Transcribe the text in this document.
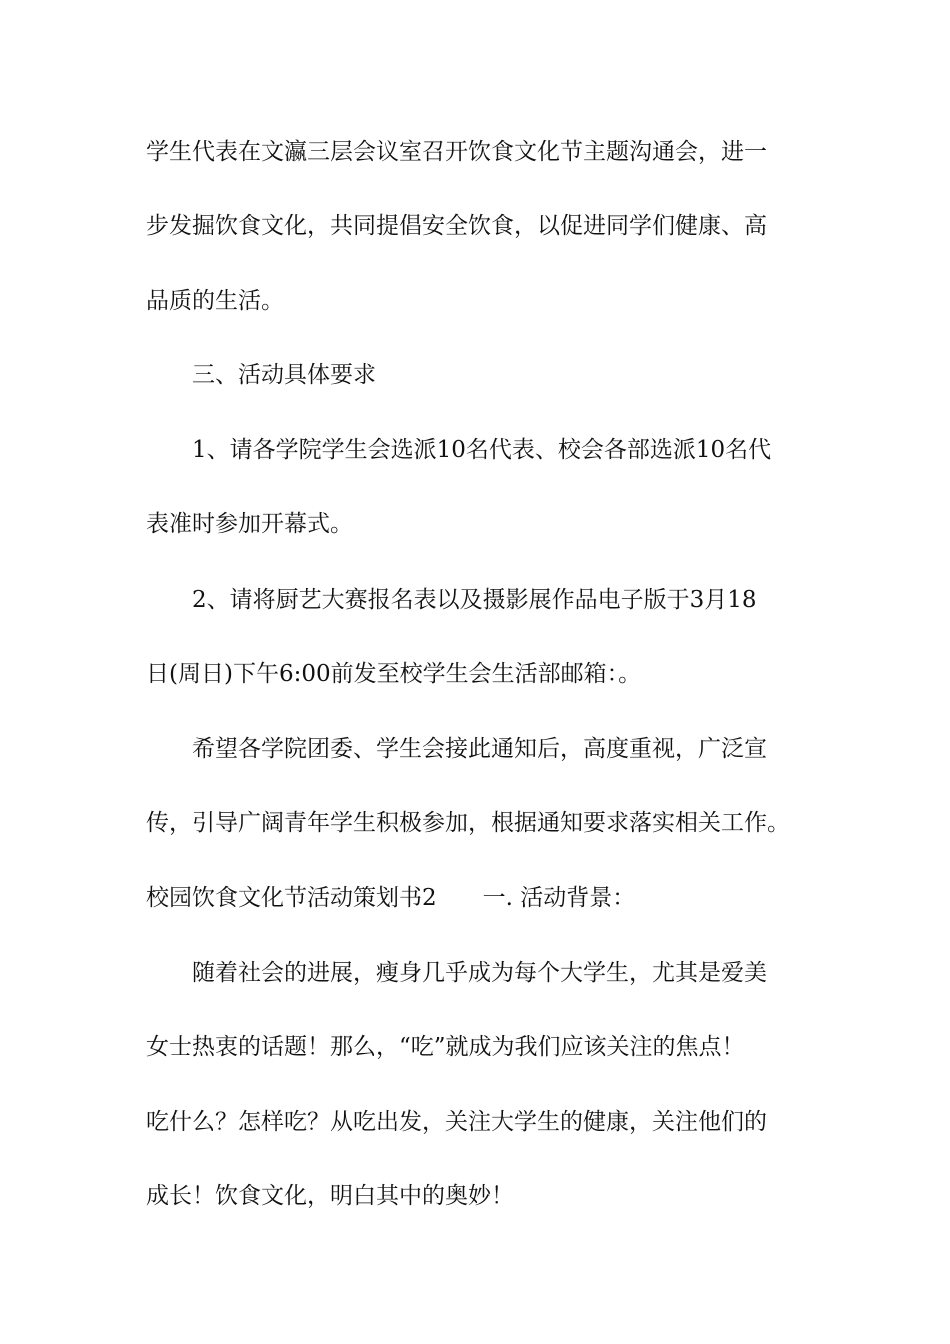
学生代表在文瀛三层会议室召开饮食文化节主题沟通会，进一
步发掘饮食文化，共同提倡安全饮食，以促进同学们健康、高
品质的生活。
三、活动具体要求
1、请各学院学生会选派10名代表、校会各部选派10名代
表准时参加开幕式。
2、请将厨艺大赛报名表以及摄影展作品电子版于3月18
日(周日)下午6:00前发至校学生会生活部邮箱：。
希望各学院团委、学生会接此通知后，高度重视，广泛宣
传，引导广阔青年学生积极参加，根据通知要求落实相关工作。
校园饮食文化节活动策划书2 一. 活动背景：
随着社会的进展，瘦身几乎成为每个大学生，尤其是爱美
女士热衷的话题！那么，“吃”就成为我们应该关注的焦点！
吃什么？怎样吃？从吃出发，关注大学生的健康，关注他们的
成长！饮食文化，明白其中的奥妙！
